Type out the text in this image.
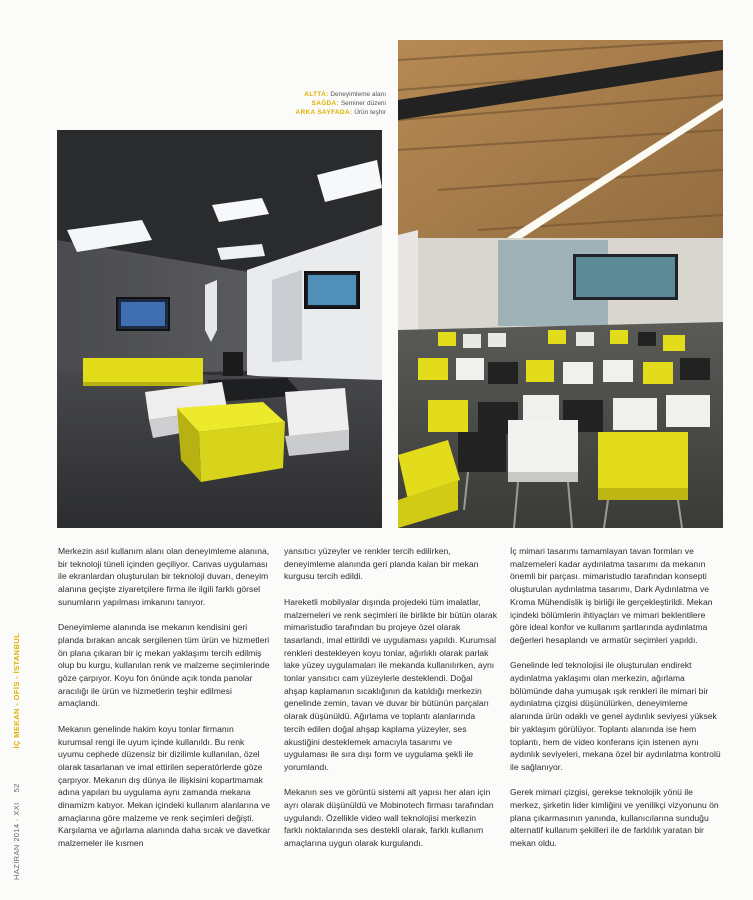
ALTTA: Deneyimleme alanı
SAĞDA: Seminer düzeni
ARKA SAYFADA: Ürün teşhir
HAZİRAN 2014 · XXI    52              İÇ MEKAN - OFİS - İSTANBUL

Merkezin asıl kullanım alanı olan deneyimleme alanına, bir teknoloji tüneli içinden geçiliyor. Canvas uygulaması ile ekranlardan oluşturulan bir teknoloji duvarı, deneyim alanına geçişte ziyaretçilere firma ile ilgili farklı görsel sunumların yapılması imkanını tanıyor.

Deneyimleme alanında ise mekanın kendisini geri planda bırakan ancak sergilenen tüm ürün ve hizmetleri ön plana çıkaran bir iç mekan yaklaşımı tercih edilmiş olup bu kurgu, kullanılan renk ve malzeme seçimlerinde göze çarpıyor. Koyu fon önünde açık tonda panolar aracılığı ile ürün ve hizmetlerin teşhir edilmesi amaçlandı.

Mekanın genelinde hakim koyu tonlar firmanın kurumsal rengi ile uyum içinde kullanıldı. Bu renk uyumu cephede düzensiz bir dizilimle kullanılan, özel olarak tasarlanan ve imal ettirilen seperatörlerde göze çarpıyor. Mekanın dış dünya ile ilişkisini kopartmamak adına yapılan bu uygulama aynı zamanda mekana dinamizm katıyor. Mekan içindeki kullanım alanlarına ve amaçlarına göre malzeme ve renk seçimleri değişti. Karşılama ve ağırlama alanında daha sıcak ve davetkar malzemeler ile kısmen

yansıtıcı yüzeyler ve renkler tercih edilirken, deneyimleme alanında geri planda kalan bir mekan kurgusu tercih edildi.

Hareketli mobilyalar dışında projedeki tüm imalatlar, malzemeleri ve renk seçimleri ile birlikte bir bütün olarak mimaristudio tarafından bu projeye özel olarak tasarlandı, imal ettirildi ve uygulaması yapıldı. Kurumsal renkleri destekleyen koyu tonlar, ağırlıklı olarak parlak lake yüzey uygulamaları ile mekanda kullanılırken, aynı tonlar yansıtıcı cam yüzeylerle desteklendi. Doğal ahşap kaplamanın sıcaklığının da katıldığı merkezin genelinde zemin, tavan ve duvar bir bütünün parçaları olarak düşünüldü. Ağırlama ve toplantı alanlarında tercih edilen doğal ahşap kaplama yüzeyler, ses akustiğini desteklemek amacıyla tasarımı ve uygulaması ile sıra dışı form ve uygulama şekli ile yorumlandı.

Mekanın ses ve görüntü sistemi alt yapısı her alan için ayrı olarak düşünüldü ve Mobinotech firması tarafından uygulandı. Özellikle video wall teknolojisi merkezin farklı noktalarında ses destekli olarak, farklı kullanım amaçlarına uygun olarak kurgulandı.

İç mimari tasarımı tamamlayan tavan formları ve malzemeleri kadar aydınlatma tasarımı da mekanın önemli bir parçası. mimaristudio tarafından konsepti oluşturulan aydınlatma tasarımı, Dark Aydınlatma ve Kroma Mühendislik iş birliği ile gerçekleştirildi. Mekan içindeki bölümlerin ihtiyaçları ve mimari beklentilere göre ideal konfor ve kullanım şartlarında aydınlatma değerleri hesaplandı ve armatür seçimleri yapıldı.

Genelinde led teknolojisi ile oluşturulan endirekt aydınlatma yaklaşımı olan merkezin, ağırlama bölümünde daha yumuşak ışık renkleri ile mimari bir aydınlatma çizgisi düşünülürken, deneyimleme alanında ürün odaklı ve genel aydınlık seviyesi yüksek bir yaklaşım görülüyor. Toplantı alanında ise hem toplantı, hem de video konferans için istenen aynı aydınlık seviyeleri, mekana özel bir aydınlatma kontrolü ile sağlanıyor.

Gerek mimari çizgisi, gerekse teknolojik yönü ile merkez, şirketin lider kimliğini ve yenilikçi vizyonunu ön plana çıkarmasının yanında, kullanıcılarına sunduğu alternatif kullanım şekilleri ile de farklılık yaratan bir mekan oldu.
